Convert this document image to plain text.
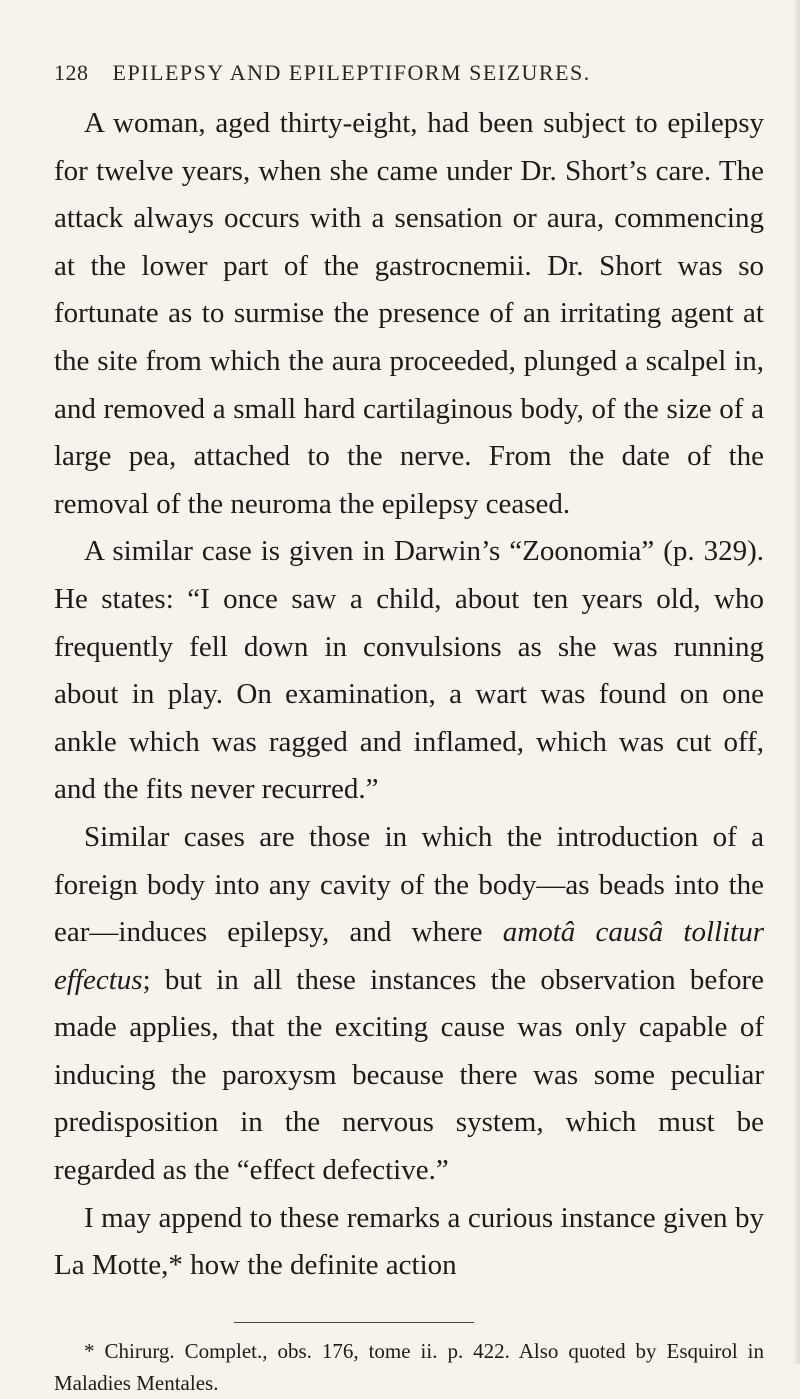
128 EPILEPSY AND EPILEPTIFORM SEIZURES.

A woman, aged thirty-eight, had been subject to epilepsy for twelve years, when she came under Dr. Short’s care. The attack always occurs with a sensation or aura, commencing at the lower part of the gastrocnemii. Dr. Short was so fortunate as to surmise the presence of an irritating agent at the site from which the aura proceeded, plunged a scalpel in, and removed a small hard cartilaginous body, of the size of a large pea, attached to the nerve. From the date of the removal of the neuroma the epilepsy ceased.

A similar case is given in Darwin’s “Zoonomia” (p. 329). He states: “I once saw a child, about ten years old, who frequently fell down in convulsions as she was running about in play. On examination, a wart was found on one ankle which was ragged and inflamed, which was cut off, and the fits never recurred.”

Similar cases are those in which the introduction of a foreign body into any cavity of the body—as beads into the ear—induces epilepsy, and where amotâ causâ tollitur effectus; but in all these instances the observation before made applies, that the exciting cause was only capable of inducing the paroxysm because there was some peculiar predisposition in the nervous system, which must be regarded as the “effect defective.”

I may append to these remarks a curious instance given by La Motte,* how the definite action

* Chirurg. Complet., obs. 176, tome ii. p. 422. Also quoted by Esquirol in Maladies Mentales.
